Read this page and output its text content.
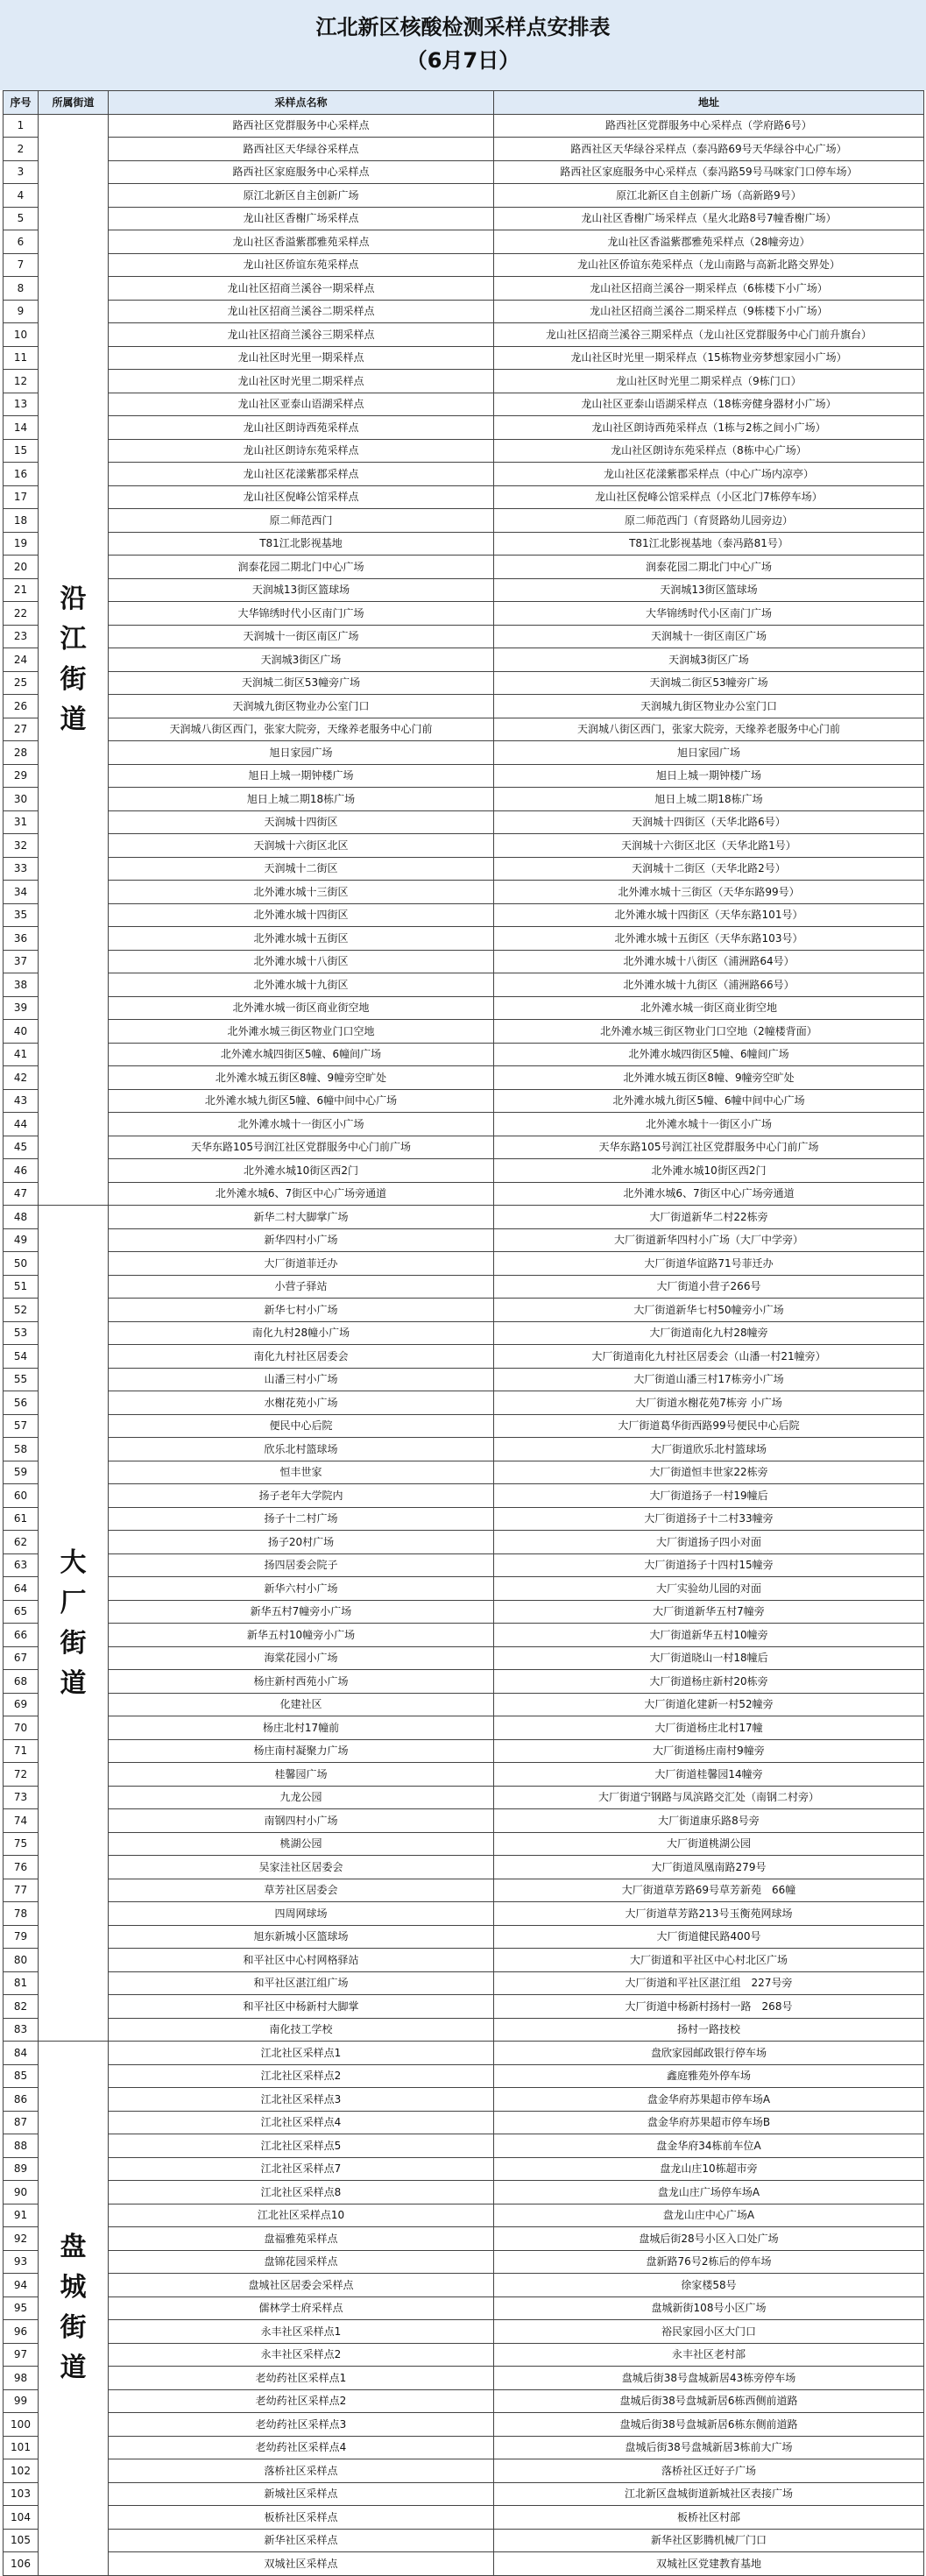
江北新区核酸检测采样点安排表
（6月7日）
序号	所属街道	采样点名称	地址
1	沿江街道	路西社区党群服务中心采样点	路西社区党群服务中心采样点（学府路6号）
2		路西社区天华绿谷采样点	路西社区天华绿谷采样点（泰冯路69号天华绿谷中心广场）
3		路西社区家庭服务中心采样点	路西社区家庭服务中心采样点（泰冯路59号马咪家门口停车场）
4		原江北新区自主创新广场	原江北新区自主创新广场（高新路9号）
5		龙山社区香榭广场采样点	龙山社区香榭广场采样点（星火北路8号7幢香榭广场）
6		龙山社区香溢紫郡雅苑采样点	龙山社区香溢紫郡雅苑采样点（28幢旁边）
7		龙山社区侨谊东苑采样点	龙山社区侨谊东苑采样点（龙山南路与高新北路交界处）
8		龙山社区招商兰溪谷一期采样点	龙山社区招商兰溪谷一期采样点（6栋楼下小广场）
9		龙山社区招商兰溪谷二期采样点	龙山社区招商兰溪谷二期采样点（9栋楼下小广场）
10		龙山社区招商兰溪谷三期采样点	龙山社区招商兰溪谷三期采样点（龙山社区党群服务中心门前升旗台）
11		龙山社区时光里一期采样点	龙山社区时光里一期采样点（15栋物业旁梦想家园小广场）
12		龙山社区时光里二期采样点	龙山社区时光里二期采样点（9栋门口）
13		龙山社区亚泰山语湖采样点	龙山社区亚泰山语湖采样点（18栋旁健身器材小广场）
14		龙山社区朗诗西苑采样点	龙山社区朗诗西苑采样点（1栋与2栋之间小广场）
15		龙山社区朗诗东苑采样点	龙山社区朗诗东苑采样点（8栋中心广场）
16		龙山社区花漾紫郡采样点	龙山社区花漾紫郡采样点（中心广场内凉亭）
17		龙山社区倪峰公馆采样点	龙山社区倪峰公馆采样点（小区北门7栋停车场）
18		原二师范西门	原二师范西门（育贤路幼儿园旁边）
19		T81江北影视基地	T81江北影视基地（泰冯路81号）
20		润泰花园二期北门中心广场	润泰花园二期北门中心广场
21		天润城13街区篮球场	天润城13街区篮球场
22		大华锦绣时代小区南门广场	大华锦绣时代小区南门广场
23		天润城十一街区南区广场	天润城十一街区南区广场
24		天润城3街区广场	天润城3街区广场
25		天润城二街区53幢旁广场	天润城二街区53幢旁广场
26		天润城九街区物业办公室门口	天润城九街区物业办公室门口
27		天润城八街区西门，张家大院旁，天缘养老服务中心门前	天润城八街区西门，张家大院旁，天缘养老服务中心门前
28		旭日家园广场	旭日家园广场
29		旭日上城一期钟楼广场	旭日上城一期钟楼广场
30		旭日上城二期18栋广场	旭日上城二期18栋广场
31		天润城十四街区	天润城十四街区（天华北路6号）
32		天润城十六街区北区	天润城十六街区北区（天华北路1号）
33		天润城十二街区	天润城十二街区（天华北路2号）
34		北外滩水城十三街区	北外滩水城十三街区（天华东路99号）
35		北外滩水城十四街区	北外滩水城十四街区（天华东路101号）
36		北外滩水城十五街区	北外滩水城十五街区（天华东路103号）
37		北外滩水城十八街区	北外滩水城十八街区（浦洲路64号）
38		北外滩水城十九街区	北外滩水城十九街区（浦洲路66号）
39		北外滩水城一街区商业街空地	北外滩水城一街区商业街空地
40		北外滩水城三街区物业门口空地	北外滩水城三街区物业门口空地（2幢楼背面）
41		北外滩水城四街区5幢、6幢间广场	北外滩水城四街区5幢、6幢间广场
42		北外滩水城五街区8幢、9幢旁空旷处	北外滩水城五街区8幢、9幢旁空旷处
43		北外滩水城九街区5幢、6幢中间中心广场	北外滩水城九街区5幢、6幢中间中心广场
44		北外滩水城十一街区小广场	北外滩水城十一街区小广场
45		天华东路105号润江社区党群服务中心门前广场	天华东路105号润江社区党群服务中心门前广场
46		北外滩水城10街区西2门	北外滩水城10街区西2门
47		北外滩水城6、7街区中心广场旁通道	北外滩水城6、7街区中心广场旁通道
48	大厂街道	新华二村大脚掌广场	大厂街道新华二村22栋旁
49		新华四村小广场	大厂街道新华四村小广场（大厂中学旁）
50		大厂街道菲迁办	大厂街道华谊路71号菲迁办
51		小营子驿站	大厂街道小营子266号
52		新华七村小广场	大厂街道新华七村50幢旁小广场
53		南化九村28幢小广场	大厂街道南化九村28幢旁
54		南化九村社区居委会	大厂街道南化九村社区居委会（山潘一村21幢旁）
55		山潘三村小广场	大厂街道山潘三村17栋旁小广场
56		水榭花苑小广场	大厂街道水榭花苑7栋旁 小广场
57		便民中心后院	大厂街道葛华街西路99号便民中心后院
58		欣乐北村篮球场	大厂街道欣乐北村篮球场
59		恒丰世家	大厂街道恒丰世家22栋旁
60		扬子老年大学院内	大厂街道扬子一村19幢后
61		扬子十二村广场	大厂街道扬子十二村33幢旁
62		扬子20村广场	大厂街道扬子四小对面
63		扬四居委会院子	大厂街道扬子十四村15幢旁
64		新华六村小广场	大厂实验幼儿园的对面
65		新华五村7幢旁小广场	大厂街道新华五村7幢旁
66		新华五村10幢旁小广场	大厂街道新华五村10幢旁
67		海棠花园小广场	大厂街道晓山一村18幢后
68		杨庄新村西苑小广场	大厂街道杨庄新村20栋旁
69		化建社区	大厂街道化建新一村52幢旁
70		杨庄北村17幢前	大厂街道杨庄北村17幢
71		杨庄南村凝聚力广场	大厂街道杨庄南村9幢旁
72		桂馨园广场	大厂街道桂馨园14幢旁
73		九龙公园	大厂街道宁钢路与凤滨路交汇处（南钢二村旁）
74		南钢四村小广场	大厂街道康乐路8号旁
75		桃湖公园	大厂街道桃湖公园
76		吴家洼社区居委会	大厂街道凤凰南路279号
77		草芳社区居委会	大厂街道草芳路69号草芳新苑　66幢
78		四周网球场	大厂街道草芳路213号玉衡苑网球场
79		旭东新城小区篮球场	大厂街道健民路400号
80		和平社区中心村网格驿站	大厂街道和平社区中心村北区广场
81		和平社区湛江组广场	大厂街道和平社区湛江组　227号旁
82		和平社区中杨新村大脚掌	大厂街道中杨新村扬村一路　268号
83		南化技工学校	扬村一路技校
84	盘城街道	江北社区采样点1	盘欣家园邮政银行停车场
85		江北社区采样点2	鑫庭雅苑外停车场
86		江北社区采样点3	盘金华府苏果超市停车场A
87		江北社区采样点4	盘金华府苏果超市停车场B
88		江北社区采样点5	盘金华府34栋前车位A
89		江北社区采样点7	盘龙山庄10栋超市旁
90		江北社区采样点8	盘龙山庄广场停车场A
91		江北社区采样点10	盘龙山庄中心广场A
92		盘福雅苑采样点	盘城后街28号小区入口处广场
93		盘锦花园采样点	盘新路76号2栋后的停车场
94		盘城社区居委会采样点	徐家楼58号
95		儒林学士府采样点	盘城新街108号小区广场
96		永丰社区采样点1	裕民家园小区大门口
97		永丰社区采样点2	永丰社区老村部
98		老幼药社区采样点1	盘城后街38号盘城新居43栋旁停车场
99		老幼药社区采样点2	盘城后街38号盘城新居6栋西侧前道路
100		老幼药社区采样点3	盘城后街38号盘城新居6栋东侧前道路
101		老幼药社区采样点4	盘城后街38号盘城新居3栋前大广场
102		落桥社区采样点	落桥社区迁好子广场
103		新城社区采样点	江北新区盘城街道新城社区表接广场
104		板桥社区采样点	板桥社区村部
105		新华社区采样点	新华社区影腾机械厂门口
106		双城社区采样点	双城社区党建教育基地
